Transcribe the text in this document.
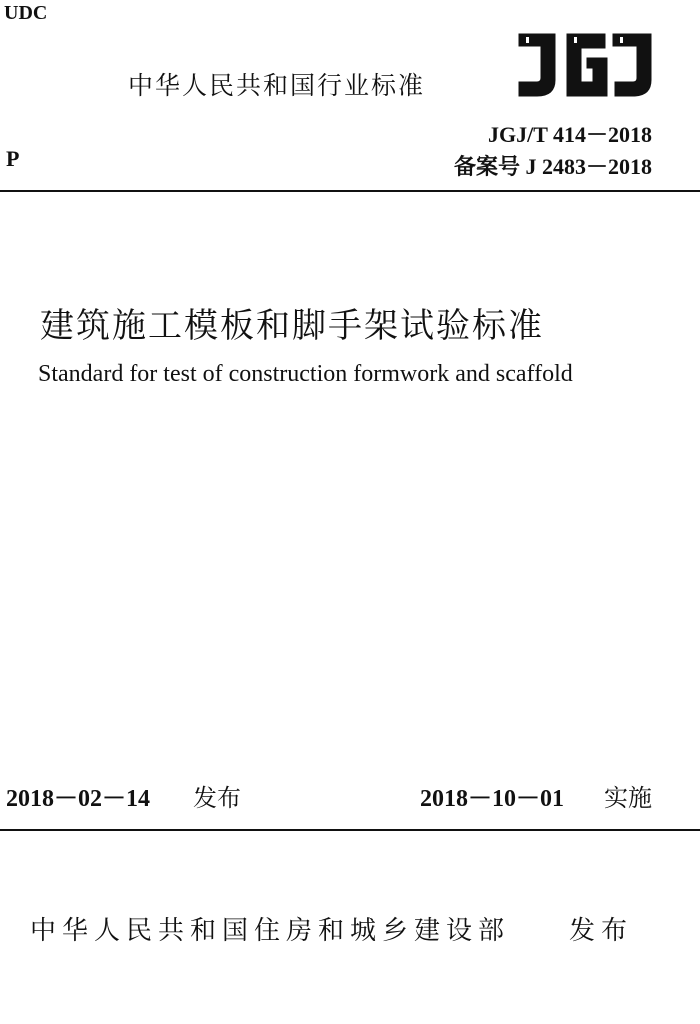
UDC
中华人民共和国行业标准
JGJ
JGJ/T 414－2018
P	备案号 J 2483－2018
建筑施工模板和脚手架试验标准
Standard for test of construction formwork and scaffold
2018－02－14 发布	2018－10－01 实施
中华人民共和国住房和城乡建设部 发布
